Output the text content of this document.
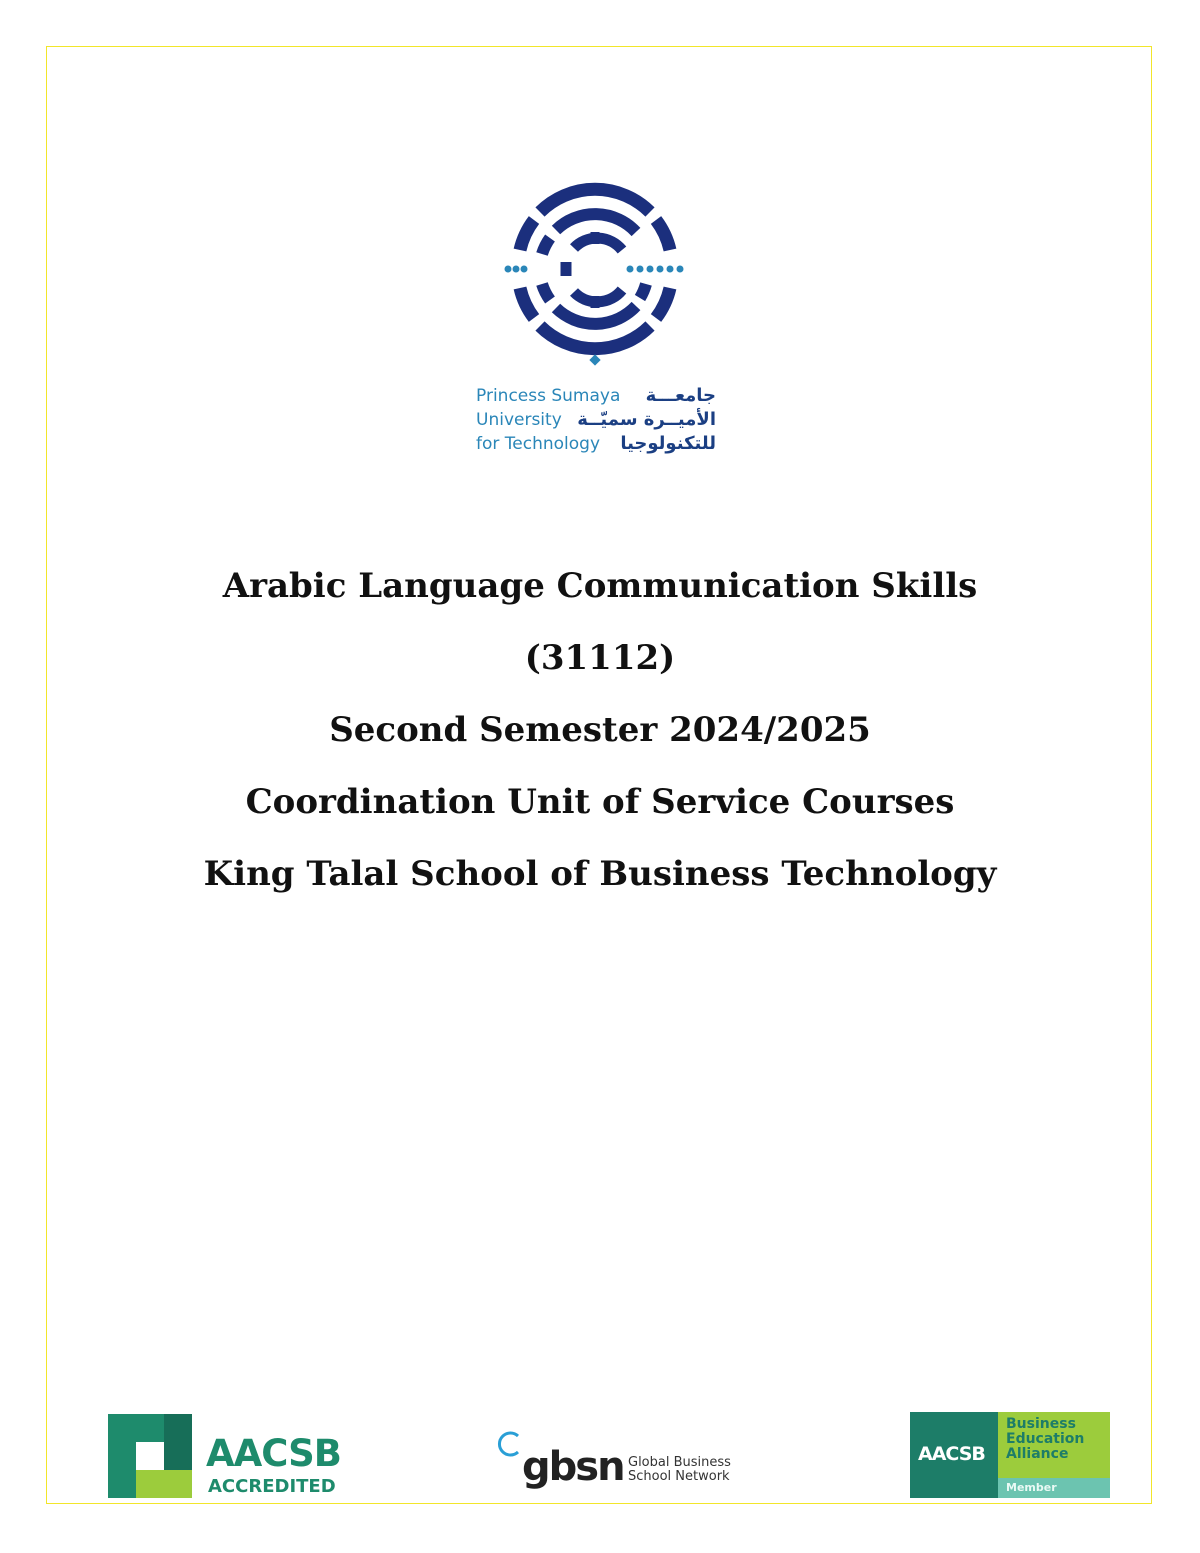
Princess Sumaya جامعـــة
University الأميــرة سميّــة
for Technology للتكنولوجيا
Arabic Language Communication Skills
(31112)
Second Semester 2024/2025
Coordination Unit of Service Courses
King Talal School of Business Technology
AACSB
ACCREDITED	gbsn Global Business
School Network
AACSB
Business
Education
Alliance
Member
